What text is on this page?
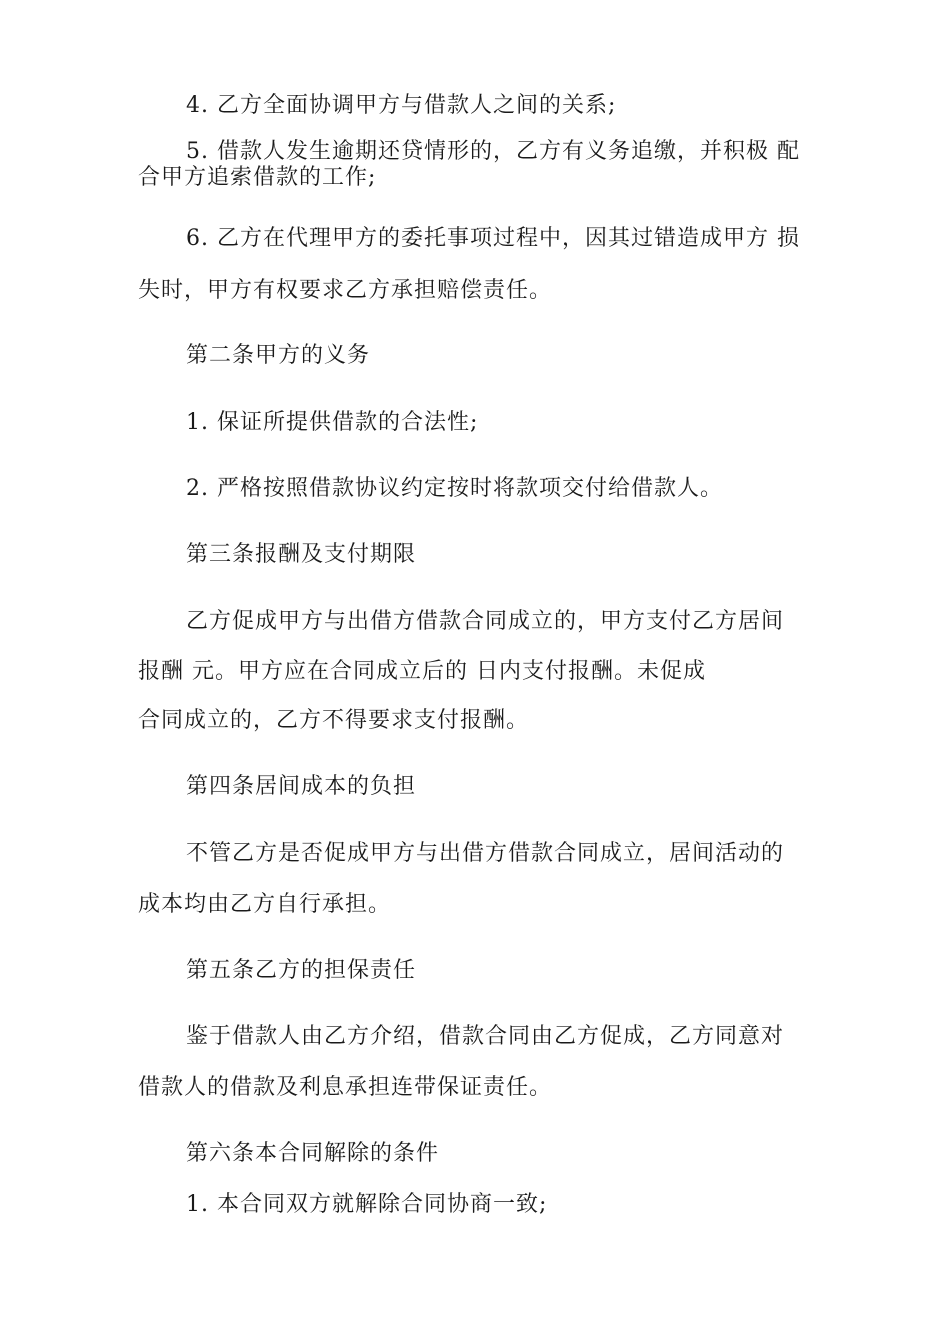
4. 乙方全面协调甲方与借款人之间的关系;
5. 借款人发生逾期还贷情形的，乙方有义务追缴，并积极 配
合甲方追索借款的工作;
6. 乙方在代理甲方的委托事项过程中，因其过错造成甲方 损
失时，甲方有权要求乙方承担赔偿责任。
第二条甲方的义务
1. 保证所提供借款的合法性;
2. 严格按照借款协议约定按时将款项交付给借款人。
第三条报酬及支付期限
乙方促成甲方与出借方借款合同成立的，甲方支付乙方居间
报酬 元。甲方应在合同成立后的 日内支付报酬。未促成
合同成立的，乙方不得要求支付报酬。
第四条居间成本的负担
不管乙方是否促成甲方与出借方借款合同成立，居间活动的
成本均由乙方自行承担。
第五条乙方的担保责任
鉴于借款人由乙方介绍，借款合同由乙方促成，乙方同意对
借款人的借款及利息承担连带保证责任。
第六条本合同解除的条件
1. 本合同双方就解除合同协商一致;
